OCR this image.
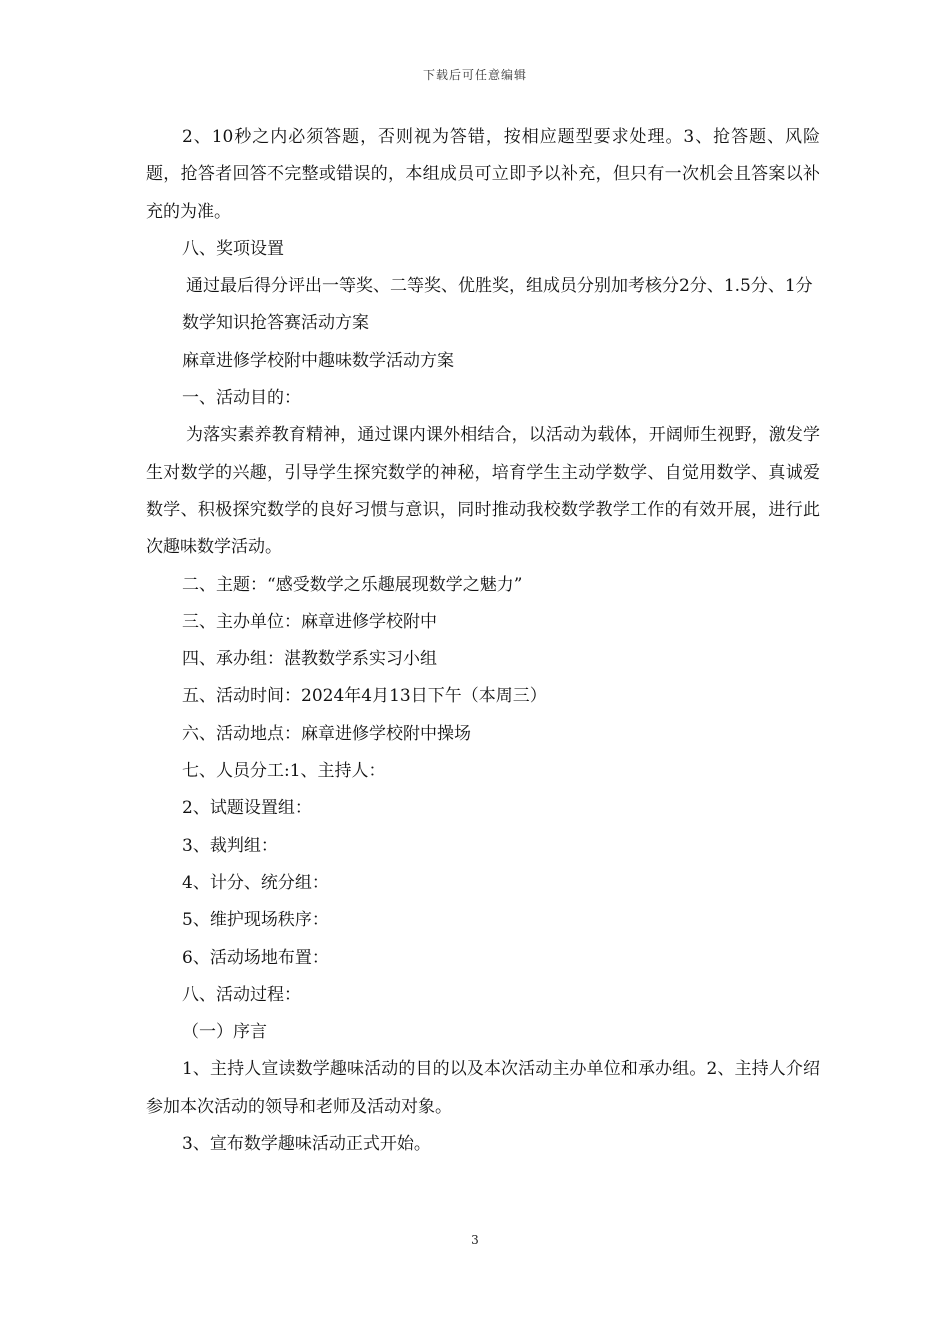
下载后可任意编辑

2、10秒之内必须答题，否则视为答错，按相应题型要求处理。3、抢答题、风险题，抢答者回答不完整或错误的，本组成员可立即予以补充，但只有一次机会且答案以补充的为准。

八、奖项设置

通过最后得分评出一等奖、二等奖、优胜奖，组成员分别加考核分2分、1.5分、1分

数学知识抢答赛活动方案

麻章进修学校附中趣味数学活动方案

一、活动目的：

为落实素养教育精神，通过课内课外相结合，以活动为载体，开阔师生视野，激发学生对数学的兴趣，引导学生探究数学的神秘，培育学生主动学数学、自觉用数学、真诚爱数学、积极探究数学的良好习惯与意识，同时推动我校数学教学工作的有效开展，进行此次趣味数学活动。

二、主题：“感受数学之乐趣展现数学之魅力”

三、主办单位：麻章进修学校附中

四、承办组：湛教数学系实习小组

五、活动时间：2024年4月13日下午（本周三）

六、活动地点：麻章进修学校附中操场

七、人员分工:1、主持人：

2、试题设置组：

3、裁判组：

4、计分、统分组：

5、维护现场秩序：

6、活动场地布置：

八、活动过程：

（一）序言

1、主持人宣读数学趣味活动的目的以及本次活动主办单位和承办组。2、主持人介绍参加本次活动的领导和老师及活动对象。

3、宣布数学趣味活动正式开始。

3
